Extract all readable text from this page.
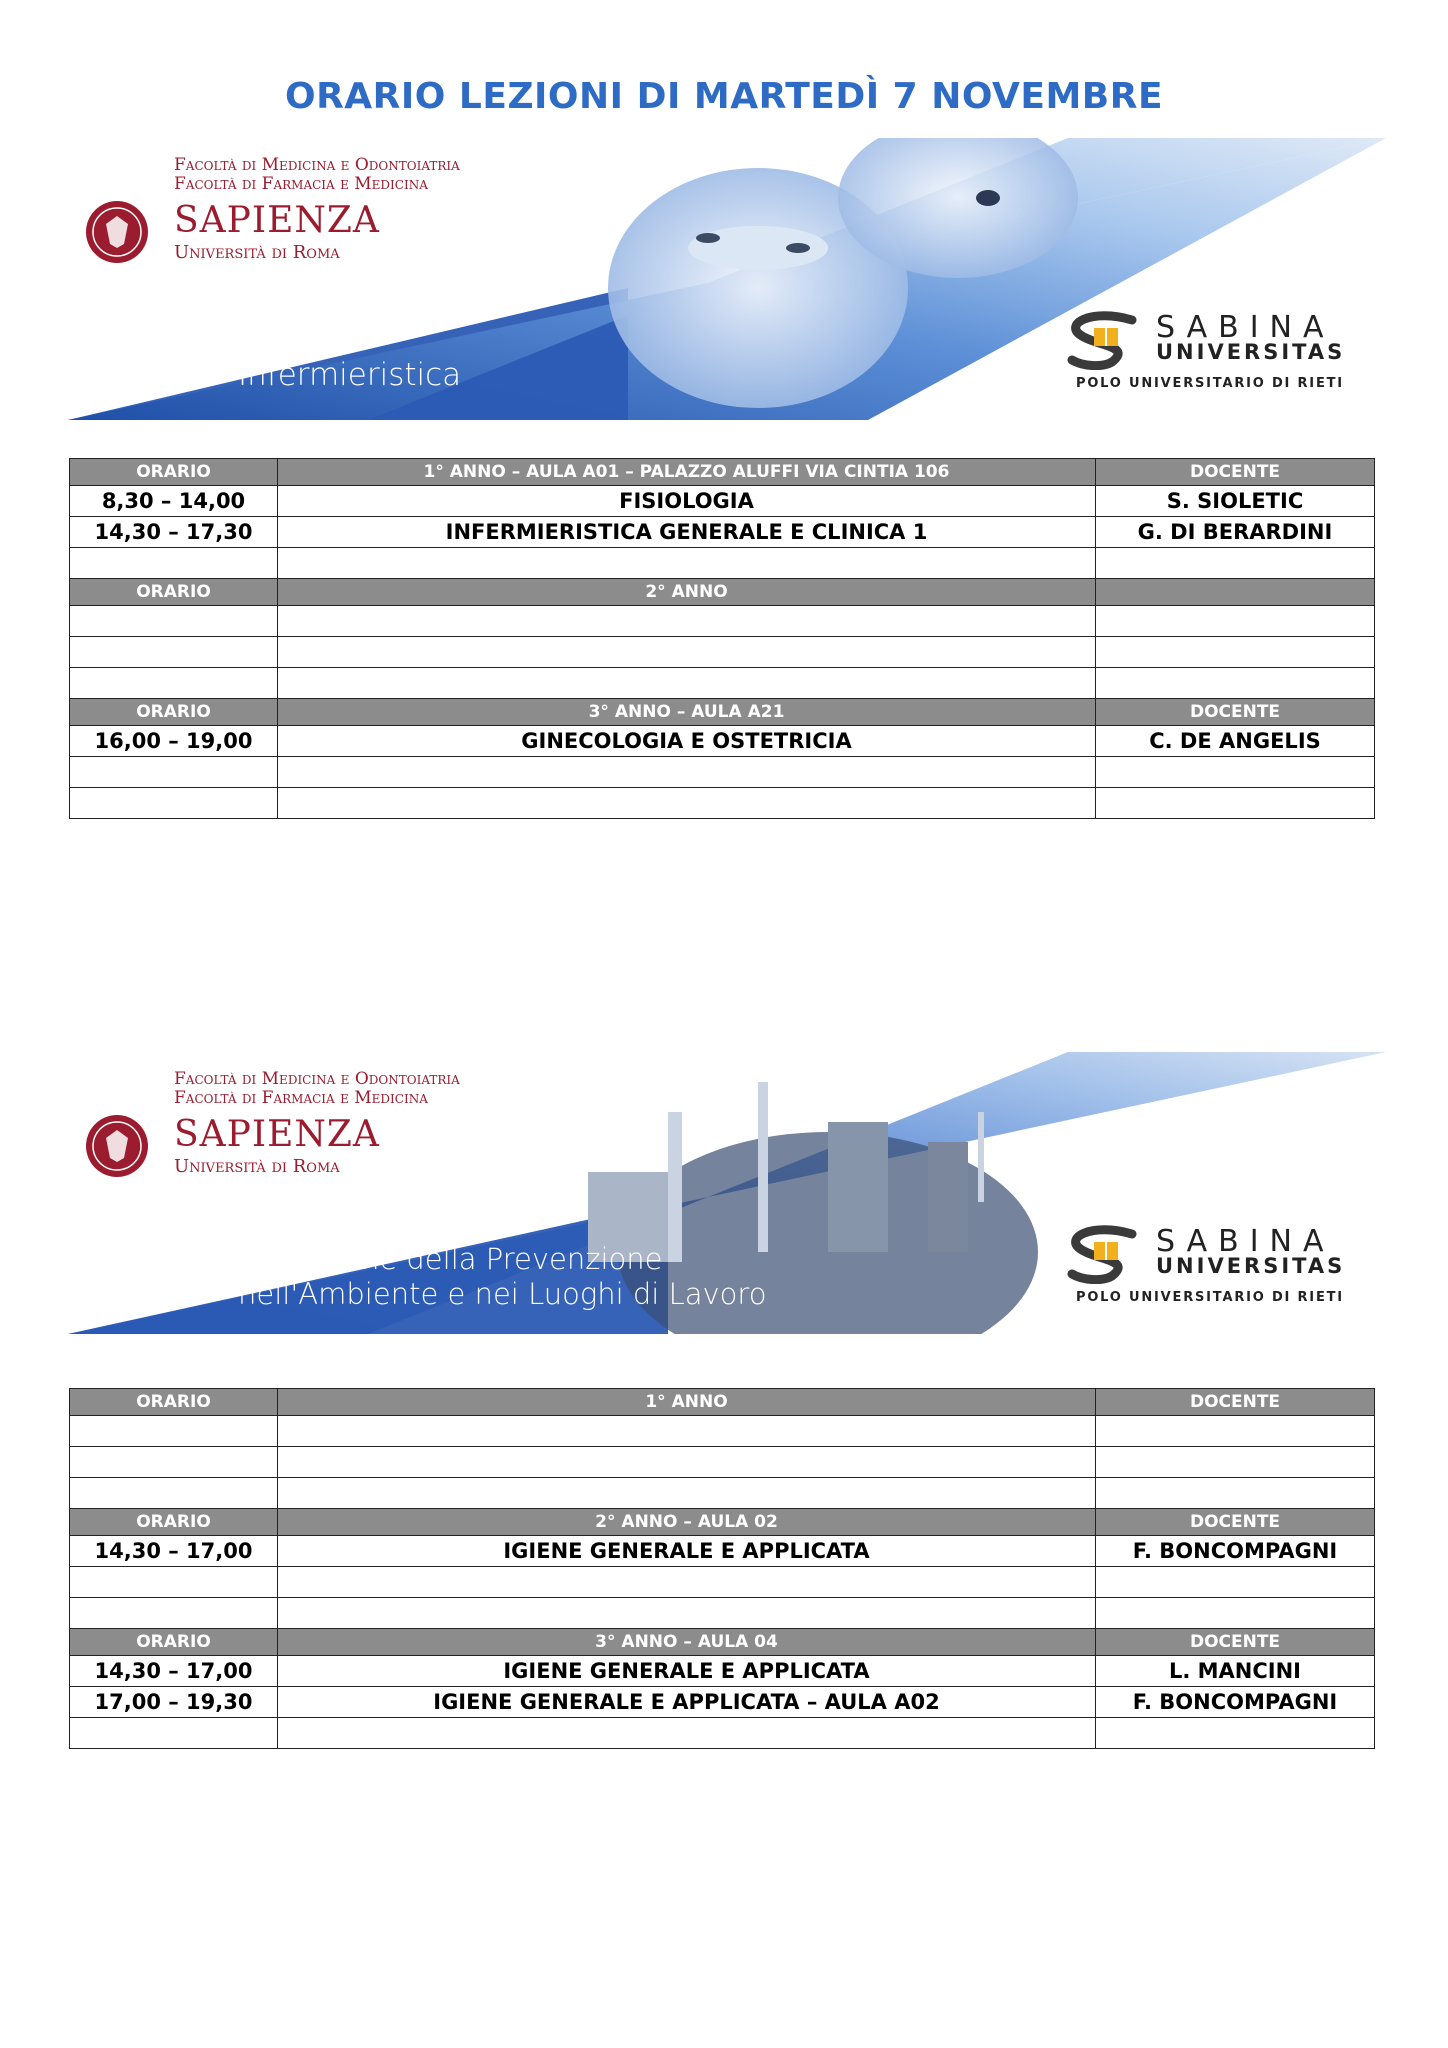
ORARIO LEZIONI DI MARTEDÌ 7 NOVEMBRE
Facoltà di Medicina e Odontoiatria
Facoltà di Farmacia e Medicina
SAPIENZA
Università di Roma
Infermieristica
SABINA
UNIVERSITAS
POLO UNIVERSITARIO DI RIETI
ORARIO	1° ANNO – AULA A01 – PALAZZO ALUFFI VIA CINTIA 106	DOCENTE
8,30 – 14,00	FISIOLOGIA	S. SIOLETIC
14,30 – 17,30	INFERMIERISTICA GENERALE E CLINICA 1	G. DI BERARDINI

ORARIO	2° ANNO	

ORARIO	3° ANNO – AULA A21	DOCENTE
16,00 – 19,00	GINECOLOGIA E OSTETRICIA	C. DE ANGELIS

Facoltà di Medicina e Odontoiatria
Facoltà di Farmacia e Medicina
SAPIENZA
Università di Roma
Tecniche della Prevenzione
nell'Ambiente e nei Luoghi di Lavoro
SABINA
UNIVERSITAS
POLO UNIVERSITARIO DI RIETI
ORARIO	1° ANNO	DOCENTE

ORARIO	2° ANNO – AULA 02	DOCENTE
14,30 – 17,00	IGIENE GENERALE E APPLICATA	F. BONCOMPAGNI

ORARIO	3° ANNO – AULA 04	DOCENTE
14,30 – 17,00	IGIENE GENERALE E APPLICATA	L. MANCINI
17,00 – 19,30	IGIENE GENERALE E APPLICATA – AULA A02	F. BONCOMPAGNI
